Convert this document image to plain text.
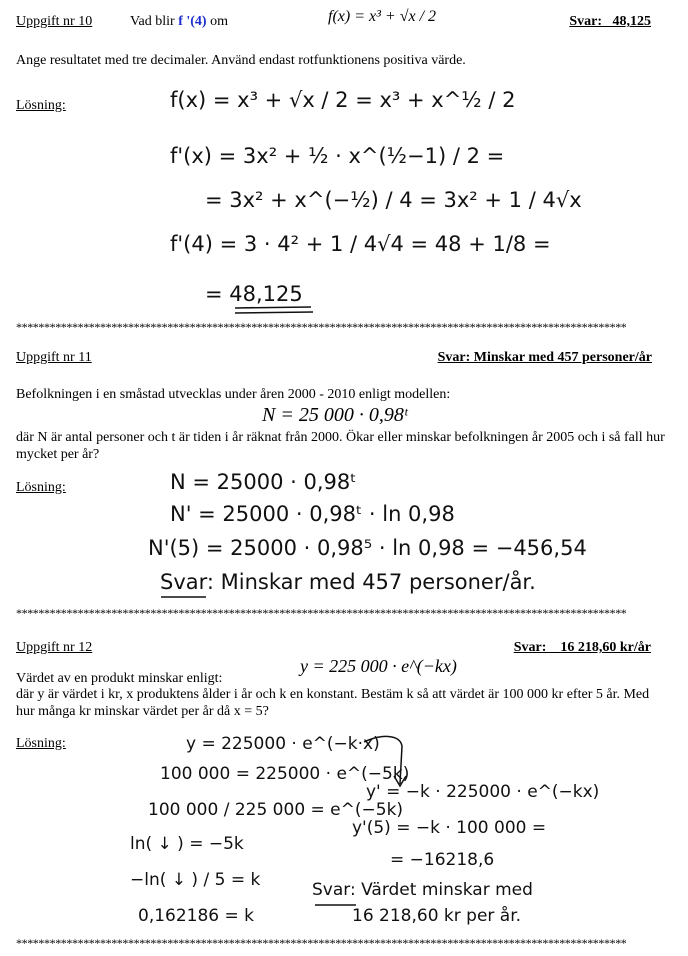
Uppgift nr 10	Vad blir f '(4) om	f(x) = x³ + √x / 2	Svar:   48,125
Ange resultatet med tre decimaler. Använd endast rotfunktionens positiva värde.
Lösning:	f(x) = x³ + √x / 2 = x³ + x^½ / 2
f'(x) = 3x² + ½ · x^(½−1) / 2 =
= 3x² + x^(−½) / 4 = 3x² + 1 / 4√x
f'(4) = 3 · 4² + 1 / 4√4 = 48 + 1/8 =
= 48,125
*************************************************************************************************************
Uppgift nr 11	Svar: Minskar med 457 personer/år
Befolkningen i en småstad utvecklas under åren 2000 - 2010 enligt modellen:
N = 25 000 · 0,98ᵗ
där N är antal personer och t är tiden i år räknat från 2000. Ökar eller minskar befolkningen år 2005 och i så fall hur mycket per år?
Lösning:	N = 25000 · 0,98ᵗ
N' = 25000 · 0,98ᵗ · ln 0,98
N'(5) = 25000 · 0,98⁵ · ln 0,98 = −456,54
Svar: Minskar med 457 personer/år.
*************************************************************************************************************
Uppgift nr 12	Svar:    16 218,60 kr/år
Värdet av en produkt minskar enligt:
y = 225 000 · e^(−kx)
där y är värdet i kr, x produktens ålder i år och k en konstant. Bestäm k så att värdet är 100 000 kr efter 5 år. Med hur många kr minskar värdet per år då x = 5?
Lösning:	y = 225000 · e^(−k·x)
100 000 = 225000 · e^(−5k)
100 000 / 225 000 = e^(−5k)
ln( ↓ ) = −5k
−ln( ↓ ) / 5 = k
0,162186 = k
y' = −k · 225000 · e^(−kx)
y'(5) = −k · 100 000 =
= −16218,6
Svar: Värdet minskar med
16 218,60 kr per år.
*************************************************************************************************************
